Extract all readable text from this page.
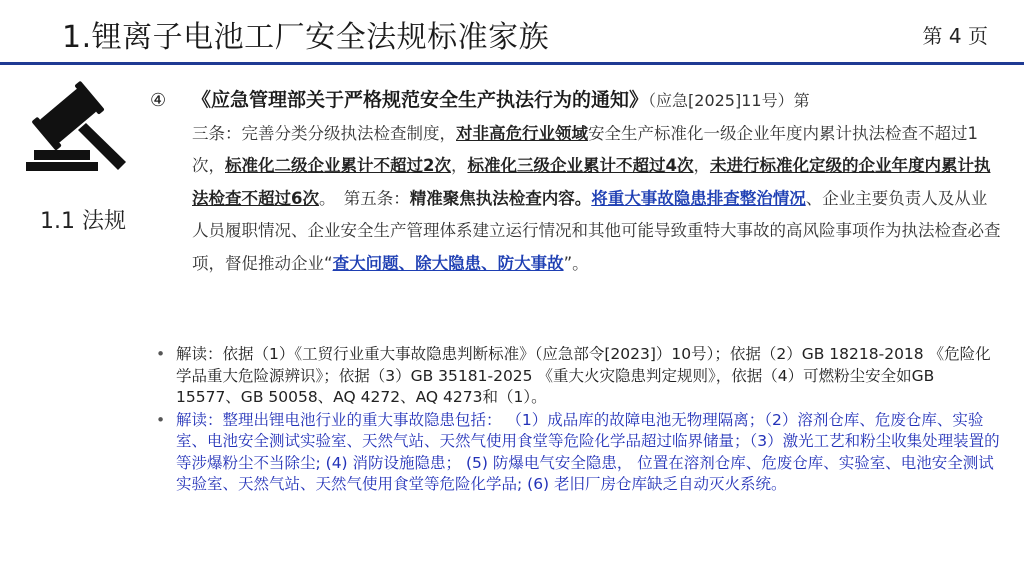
1.锂离子电池工厂安全法规标准家族	第 4 页
1.1 法规
④ 《应急管理部关于严格规范安全生产执法行为的通知》（应急[2025]11号）第
三条：完善分类分级执法检查制度，对非高危行业领域安全生产标准化一级企业年度内累计执法检查不超过1次，标准化二级企业累计不超过2次，标准化三级企业累计不超过4次，未进行标准化定级的企业年度内累计执法检查不超过6次。　第五条：精准聚焦执法检查内容。将重大事故隐患排查整治情况、企业主要负责人及从业人员履职情况、企业安全生产管理体系建立运行情况和其他可能导致重特大事故的高风险事项作为执法检查必查项，督促推动企业“查大问题、除大隐患、防大事故”。
• 解读：依据（1）《工贸行业重大事故隐患判断标准》（应急部令[2023]）10号）；依据（2）GB 18218-2018 《危险化学品重大危险源辨识》；依据（3）GB 35181-2025 《重大火灾隐患判定规则》，依据（4）可燃粉尘安全如GB 15577、GB 50058、AQ 4272、AQ 4273和（1）。
• 解读：整理出锂电池行业的重大事故隐患包括： （1）成品库的故障电池无物理隔离；（2）溶剂仓库、危废仓库、实验室、电池安全测试实验室、天然气站、天然气使用食堂等危险化学品超过临界储量；（3）激光工艺和粉尘收集处理装置的等涉爆粉尘不当除尘; (4) 消防设施隐患； (5) 防爆电气安全隐患， 位置在溶剂仓库、危废仓库、实验室、电池安全测试实验室、天然气站、天然气使用食堂等危险化学品; (6) 老旧厂房仓库缺乏自动灭火系统。
